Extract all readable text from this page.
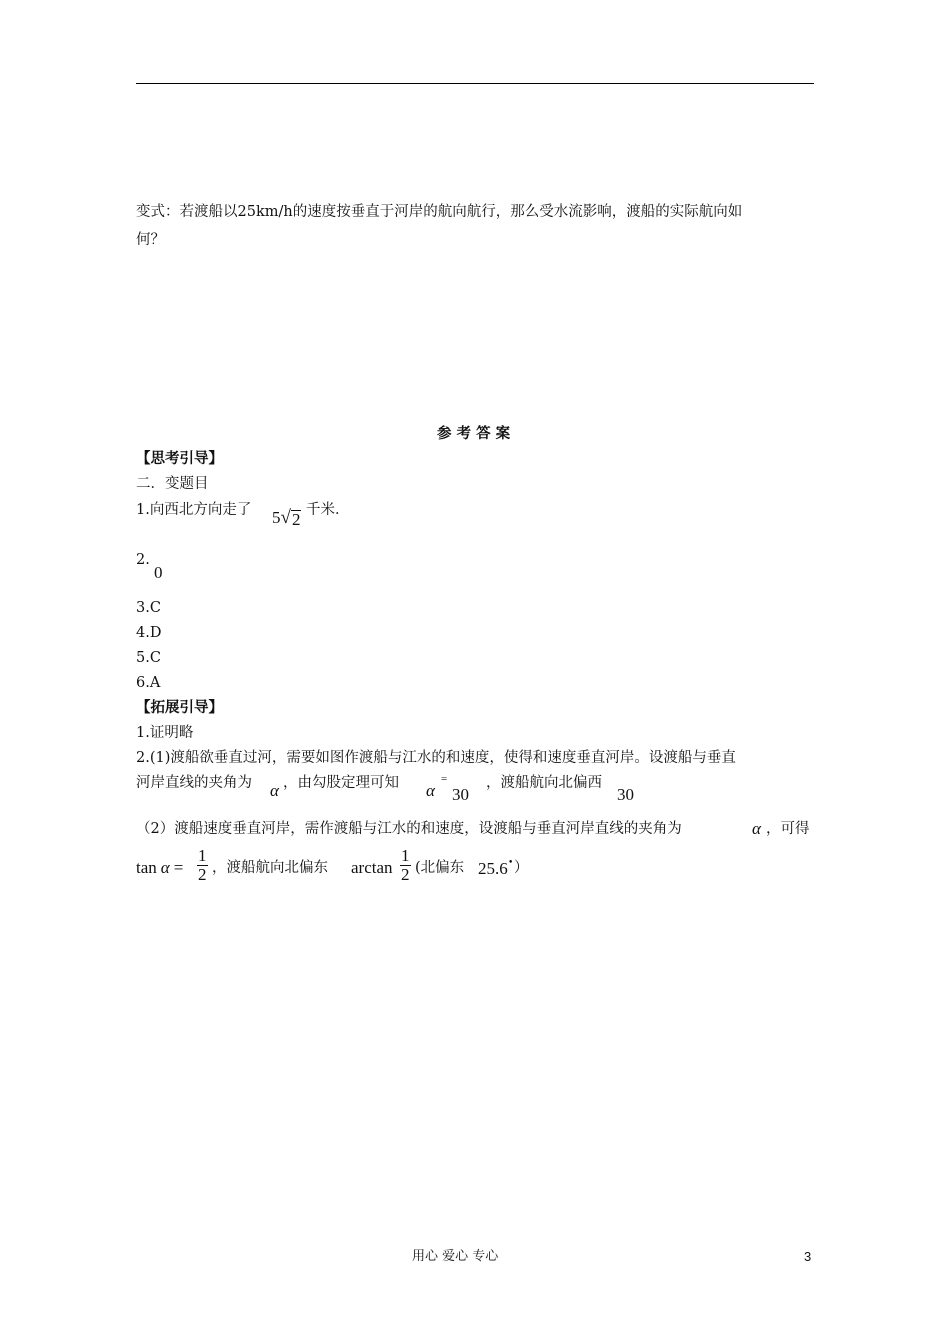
变式：若渡船以25km/h的速度按垂直于河岸的航向航行，那么受水流影响，渡船的实际航向如
何？
参 考 答 案
【思考引导】
二．变题目
1.向西北方向走了 5 √ 2 千米．
2.
0
3.C
4.D
5.C
6.A
【拓展引导】
1.证明略
2.(1)渡船欲垂直过河，需要如图作渡船与江水的和速度，使得和速度垂直河岸。设渡船与垂直
河岸直线的夹角为 α ，由勾股定理可知 α
=
30
，渡船航向北偏西
30
（2）渡船速度垂直河岸，需作渡船与江水的和速度，设渡船与垂直河岸直线的夹角为	α ，可得
$\tan \alpha = \frac{1}{2}$ ，渡船航向北偏东 $\arctan \frac{1}{2}$ (北偏东 25.6 • ）
用心 爱心 专心	3
